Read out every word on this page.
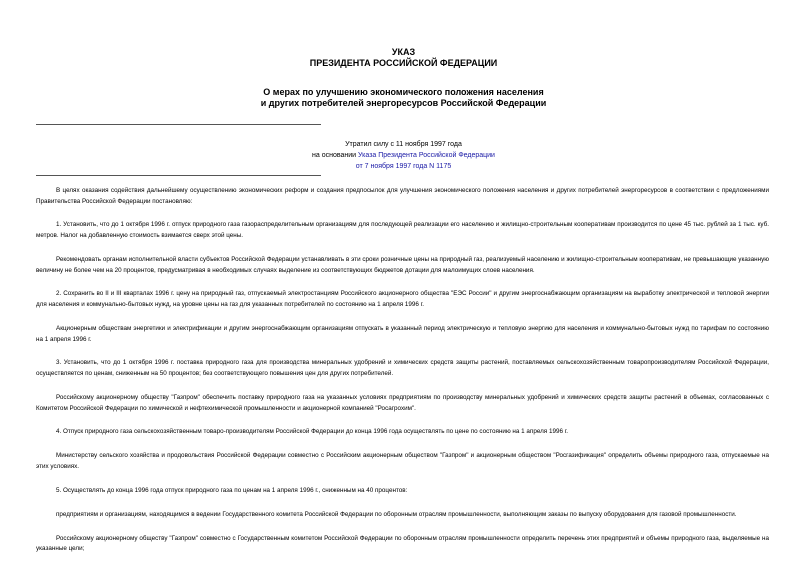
УКАЗ
ПРЕЗИДЕНТА РОССИЙСКОЙ ФЕДЕРАЦИИ
О мерах по улучшению экономического положения населения
и других потребителей энергоресурсов Российской Федерации
Утратил силу с 11 ноября 1997 года
на основании Указа Президента Российской Федерации
от 7 ноября 1997 года N 1175

В целях оказания содействия дальнейшему осуществлению экономических реформ и создания предпосылок для улучшения экономического положения населения и других потребителей энергоресурсов в соответствии с предложениями Правительства Российской Федерации постановляю:

1. Установить, что до 1 октября 1996 г. отпуск природного газа газораспределительным организациям для последующей реализации его населению и жилищно-строительным кооперативам производится по цене 45 тыс. рублей за 1 тыс. куб. метров. Налог на добавленную стоимость взимается сверх этой цены.

Рекомендовать органам исполнительной власти субъектов Российской Федерации устанавливать в эти сроки розничные цены на природный газ, реализуемый населению и жилищно-строительным кооперативам, не превышающие указанную величину не более чем на 20 процентов, предусматривая в необходимых случаях выделение из соответствующих бюджетов дотации для малоимущих слоев населения.

2. Сохранить во II и III кварталах 1996 г. цену на природный газ, отпускаемый электростанциям Российского акционерного общества "ЕЭС России" и другим энергоснабжающим организациям на выработку электрической и тепловой энергии для населения и коммунально-бытовых нужд, на уровне цены на газ для указанных потребителей по состоянию на 1 апреля 1996 г.

Акционерным обществам энергетики и электрификации и другим энергоснабжающим организациям отпускать в указанный период электрическую и тепловую энергию для населения и коммунально-бытовых нужд по тарифам по состоянию на 1 апреля 1996 г.

3. Установить, что до 1 октября 1996 г. поставка природного газа для производства минеральных удобрений и химических средств защиты растений, поставляемых сельскохозяйственным товаропроизводителям Российской Федерации, осуществляется по ценам, сниженным на 50 процентов; без соответствующего повышения цен для других потребителей.

Российскому акционерному обществу "Газпром" обеспечить поставку природного газа на указанных условиях предприятиям по производству минеральных удобрений и химических средств защиты растений в объемах, согласованных с Комитетом Российской Федерации по химической и нефтехимической промышленности и акционерной компанией "Росагрохим".

4. Отпуск природного газа сельскохозяйственным товаро-производителям Российской Федерации до конца 1996 года осуществлять по цене по состоянию на 1 апреля 1996 г.

Министерству сельского хозяйства и продовольствия Российской Федерации совместно с Российским акционерным обществом "Газпром" и акционерным обществом "Росгазификация" определить объемы природного газа, отпускаемые на этих условиях.

5. Осуществлять до конца 1996 года отпуск природного газа по ценам на 1 апреля 1996 г., сниженным на 40 процентов:

предприятиям и организациям, находящимся в ведении Государственного комитета Российской Федерации по оборонным отраслям промышленности, выполняющим заказы по выпуску оборудования для газовой промышленности.

Российскому акционерному обществу "Газпром" совместно с Государственным комитетом Российской Федерации по оборонным отраслям промышленности определить перечень этих предприятий и объемы природного газа, выделяемые на указанные цели;
